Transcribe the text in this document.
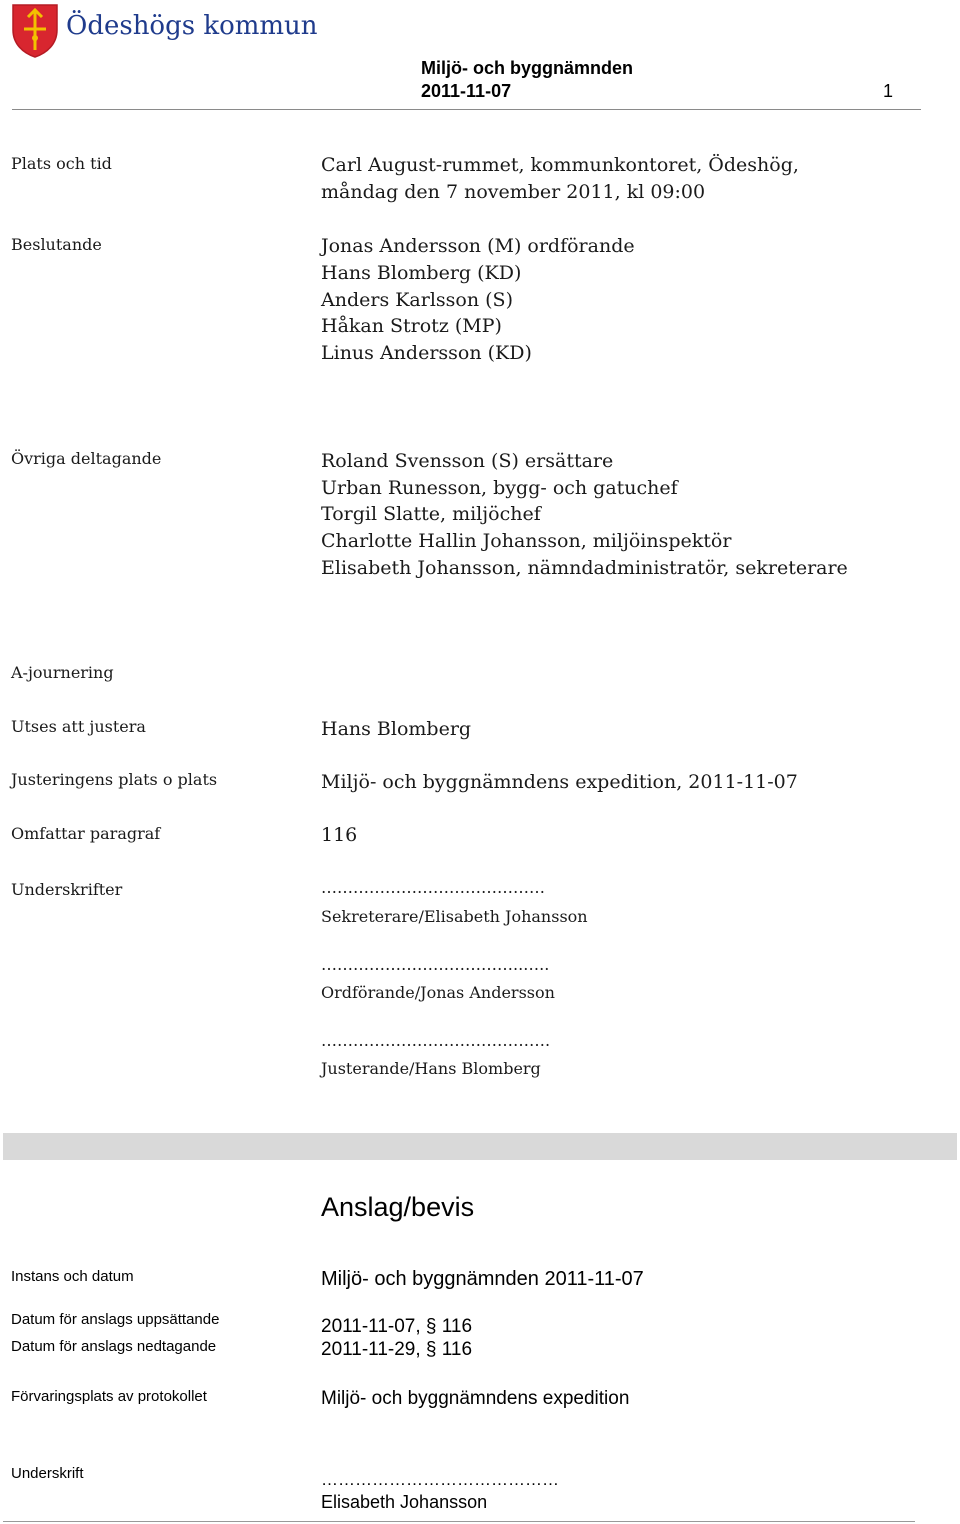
Ödeshögs kommun
Miljö- och byggnämnden
2011-11-07	1
Plats och tid	Carl August-rummet, kommunkontoret, Ödeshög,
måndag den 7 november 2011, kl 09:00
Beslutande	Jonas Andersson (M) ordförande
Hans Blomberg (KD)
Anders Karlsson (S)
Håkan Strotz (MP)
Linus Andersson (KD)
Övriga deltagande	Roland Svensson (S) ersättare
Urban Runesson, bygg- och gatuchef
Torgil Slatte, miljöchef
Charlotte Hallin Johansson, miljöinspektör
Elisabeth Johansson, nämndadministratör, sekreterare
A-journering
Utses att justera	Hans Blomberg
Justeringens plats o plats	Miljö- och byggnämndens expedition, 2011-11-07
Omfattar paragraf	116
Underskrifter	……………………………………
Sekreterare/Elisabeth Johansson
………………………………..…..
Ordförande/Jonas Andersson
…………………………………….
Justerande/Hans Blomberg
Anslag/bevis
Instans och datum	Miljö- och byggnämnden 2011-11-07
Datum för anslags uppsättande	2011-11-07, § 116
Datum för anslags nedtagande	2011-11-29, § 116
Förvaringsplats av protokollet	Miljö- och byggnämndens expedition
Underskrift	……………………………………
Elisabeth Johansson
